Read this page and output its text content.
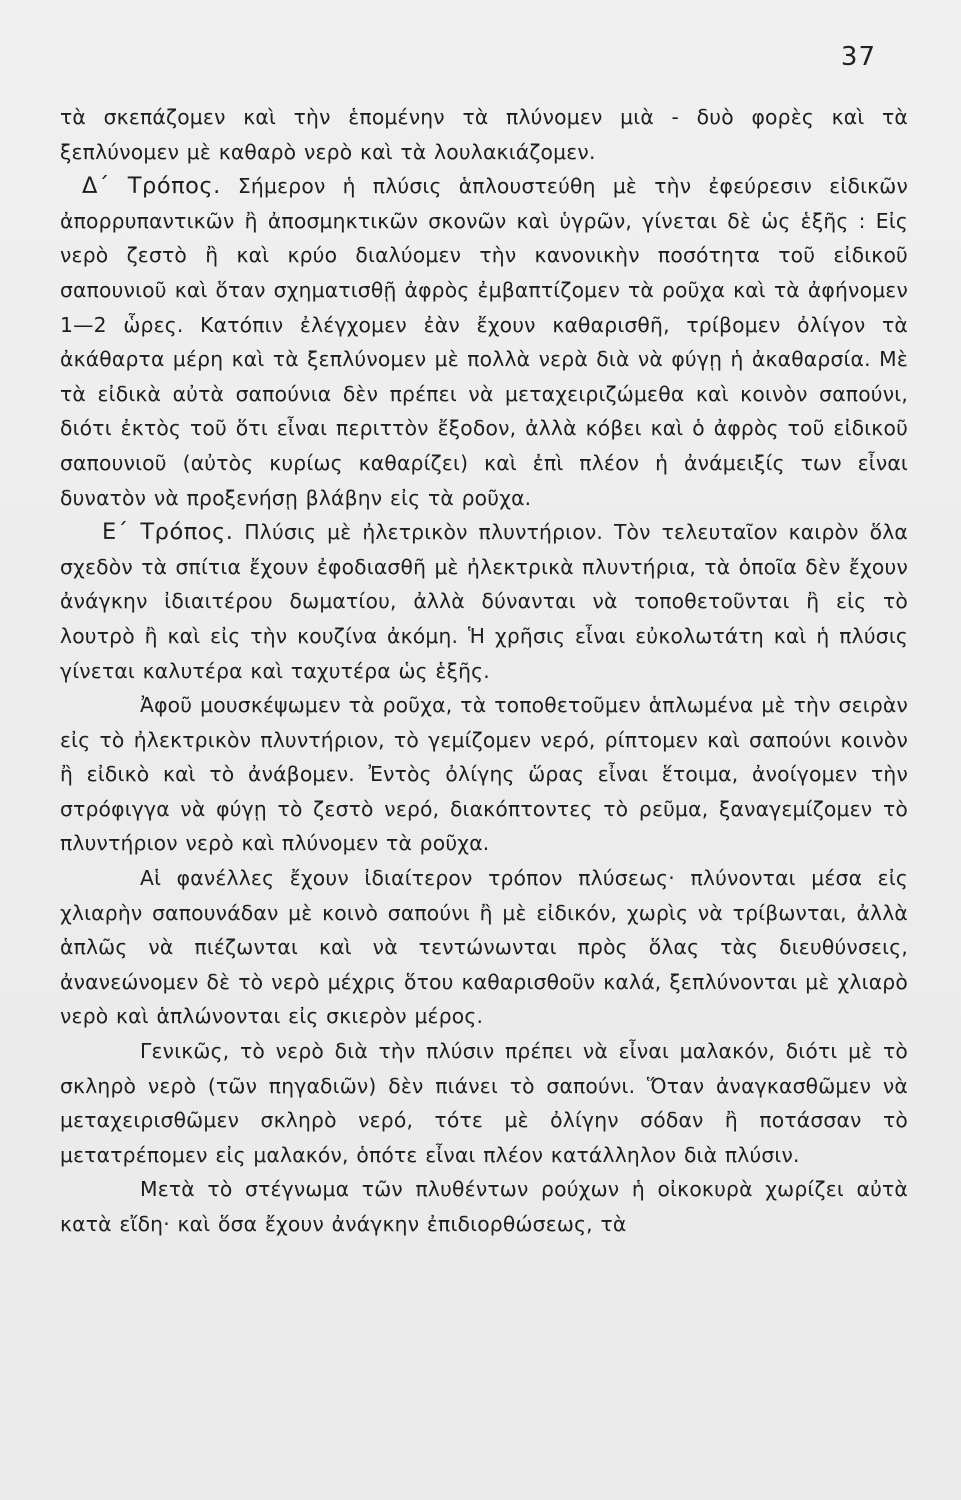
37

τὰ σκεπάζομεν καὶ τὴν ἑπομένην τὰ πλύνομεν μιὰ - δυὸ φορὲς καὶ τὰ ξεπλύνομεν μὲ καθαρὸ νερὸ καὶ τὰ λουλακιάζομεν.

Δ΄ Τρόπος. Σήμερον ἡ πλύσις ἁπλουστεύθη μὲ τὴν ἐφεύρεσιν εἰδικῶν ἀπορρυπαντικῶν ἢ ἀποσμηκτικῶν σκονῶν καὶ ὑγρῶν, γίνεται δὲ ὡς ἑξῆς : Εἰς νερὸ ζεστὸ ἢ καὶ κρύο διαλύομεν τὴν κανονικὴν ποσότητα τοῦ εἰδικοῦ σαπουνιοῦ καὶ ὅταν σχηματισθῇ ἀφρὸς ἐμβαπτίζομεν τὰ ροῦχα καὶ τὰ ἀφήνομεν 1—2 ὧρες. Κατόπιν ἐλέγχομεν ἐὰν ἔχουν καθαρισθῆ, τρίβομεν ὀλίγον τὰ ἀκάθαρτα μέρη καὶ τὰ ξεπλύνομεν μὲ πολλὰ νερὰ διὰ νὰ φύγῃ ἡ ἀκαθαρσία. Μὲ τὰ εἰδικὰ αὐτὰ σαπούνια δὲν πρέπει νὰ μεταχειριζώμεθα καὶ κοινὸν σαπούνι, διότι ἐκτὸς τοῦ ὅτι εἶναι περιττὸν ἔξοδον, ἀλλὰ κόβει καὶ ὁ ἀφρὸς τοῦ εἰδικοῦ σαπουνιοῦ (αὐτὸς κυρίως καθαρίζει) καὶ ἐπὶ πλέον ἡ ἀνάμειξίς των εἶναι δυνατὸν νὰ προξενήσῃ βλάβην εἰς τὰ ροῦχα.

Ε΄ Τρόπος. Πλύσις μὲ ἠλετρικὸν πλυντήριον. Τὸν τελευταῖον καιρὸν ὅλα σχεδὸν τὰ σπίτια ἔχουν ἐφοδιασθῆ μὲ ἠλεκτρικὰ πλυντήρια, τὰ ὁποῖα δὲν ἔχουν ἀνάγκην ἰδιαιτέρου δωματίου, ἀλλὰ δύνανται νὰ τοποθετοῦνται ἢ εἰς τὸ λουτρὸ ἢ καὶ εἰς τὴν κουζίνα ἀκόμη. Ἡ χρῆσις εἶναι εὐκολωτάτη καὶ ἡ πλύσις γίνεται καλυτέρα καὶ ταχυτέρα ὡς ἑξῆς.

Ἀφοῦ μουσκέψωμεν τὰ ροῦχα, τὰ τοποθετοῦμεν ἁπλωμένα μὲ τὴν σειρὰν εἰς τὸ ἠλεκτρικὸν πλυντήριον, τὸ γεμίζομεν νερό, ρίπτομεν καὶ σαπούνι κοινὸν ἢ εἰδικὸ καὶ τὸ ἀνάβομεν. Ἐντὸς ὀλίγης ὥρας εἶναι ἕτοιμα, ἀνοίγομεν τὴν στρόφιγγα νὰ φύγῃ τὸ ζεστὸ νερό, διακόπτοντες τὸ ρεῦμα, ξαναγεμίζομεν τὸ πλυντήριον νερὸ καὶ πλύνομεν τὰ ροῦχα.

Αἱ φανέλλες ἔχουν ἰδιαίτερον τρόπον πλύσεως· πλύνονται μέσα εἰς χλιαρὴν σαπουνάδαν μὲ κοινὸ σαπούνι ἢ μὲ εἰδικόν, χωρὶς νὰ τρίβωνται, ἀλλὰ ἁπλῶς νὰ πιέζωνται καὶ νὰ τεντώνωνται πρὸς ὅλας τὰς διευθύνσεις, ἀνανεώνομεν δὲ τὸ νερὸ μέχρις ὅτου καθαρισθοῦν καλά, ξεπλύνονται μὲ χλιαρὸ νερὸ καὶ ἁπλώνονται εἰς σκιερὸν μέρος.

Γενικῶς, τὸ νερὸ διὰ τὴν πλύσιν πρέπει νὰ εἶναι μαλακόν, διότι μὲ τὸ σκληρὸ νερὸ (τῶν πηγαδιῶν) δὲν πιάνει τὸ σαπούνι. Ὅταν ἀναγκασθῶμεν νὰ μεταχειρισθῶμεν σκληρὸ νερό, τότε μὲ ὀλίγην σόδαν ἢ ποτάσσαν τὸ μετατρέπομεν εἰς μαλακόν, ὁπότε εἶναι πλέον κατάλληλον διὰ πλύσιν.

Μετὰ τὸ στέγνωμα τῶν πλυθέντων ρούχων ἡ οἰκοκυρὰ χωρίζει αὐτὰ κατὰ εἴδη· καὶ ὅσα ἔχουν ἀνάγκην ἐπιδιορθώσεως, τὰ
